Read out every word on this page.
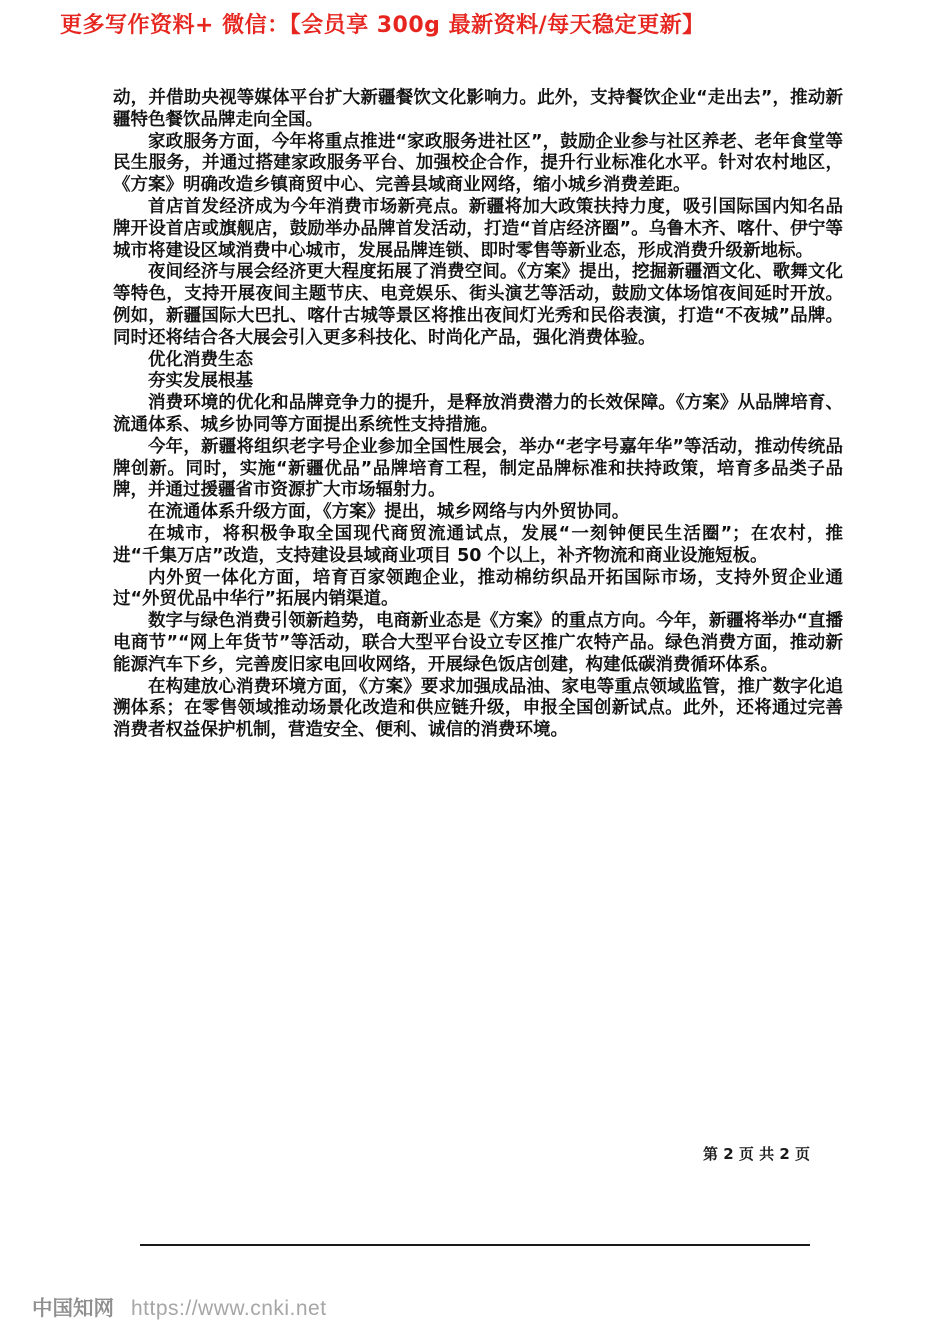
更多写作资料+ 微信：【会员享 300g 最新资料/每天稳定更新】

动，并借助央视等媒体平台扩大新疆餐饮文化影响力。此外，支持餐饮企业“走出去”，推动新疆特色餐饮品牌走向全国。

家政服务方面，今年将重点推进“家政服务进社区”，鼓励企业参与社区养老、老年食堂等民生服务，并通过搭建家政服务平台、加强校企合作，提升行业标准化水平。针对农村地区，《方案》明确改造乡镇商贸中心、完善县域商业网络，缩小城乡消费差距。

首店首发经济成为今年消费市场新亮点。新疆将加大政策扶持力度，吸引国际国内知名品牌开设首店或旗舰店，鼓励举办品牌首发活动，打造“首店经济圈”。乌鲁木齐、喀什、伊宁等城市将建设区域消费中心城市，发展品牌连锁、即时零售等新业态，形成消费升级新地标。

夜间经济与展会经济更大程度拓展了消费空间。《方案》提出，挖掘新疆酒文化、歌舞文化等特色，支持开展夜间主题节庆、电竞娱乐、街头演艺等活动，鼓励文体场馆夜间延时开放。例如，新疆国际大巴扎、喀什古城等景区将推出夜间灯光秀和民俗表演，打造“不夜城”品牌。同时还将结合各大展会引入更多科技化、时尚化产品，强化消费体验。

优化消费生态

夯实发展根基

消费环境的优化和品牌竞争力的提升，是释放消费潜力的长效保障。《方案》从品牌培育、流通体系、城乡协同等方面提出系统性支持措施。

今年，新疆将组织老字号企业参加全国性展会，举办“老字号嘉年华”等活动，推动传统品牌创新。同时，实施“新疆优品”品牌培育工程，制定品牌标准和扶持政策，培育多品类子品牌，并通过援疆省市资源扩大市场辐射力。

在流通体系升级方面，《方案》提出，城乡网络与内外贸协同。

在城市，将积极争取全国现代商贸流通试点，发展“一刻钟便民生活圈”；在农村，推进“千集万店”改造，支持建设县域商业项目 50 个以上，补齐物流和商业设施短板。

内外贸一体化方面，培育百家领跑企业，推动棉纺织品开拓国际市场，支持外贸企业通过“外贸优品中华行”拓展内销渠道。

数字与绿色消费引领新趋势，电商新业态是《方案》的重点方向。今年，新疆将举办“直播电商节”“网上年货节”等活动，联合大型平台设立专区推广农特产品。绿色消费方面，推动新能源汽车下乡，完善废旧家电回收网络，开展绿色饭店创建，构建低碳消费循环体系。

在构建放心消费环境方面，《方案》要求加强成品油、家电等重点领域监管，推广数字化追溯体系；在零售领域推动场景化改造和供应链升级，申报全国创新试点。此外，还将通过完善消费者权益保护机制，营造安全、便利、诚信的消费环境。

第 2 页 共 2 页
中国知网 https://www.cnki.net
